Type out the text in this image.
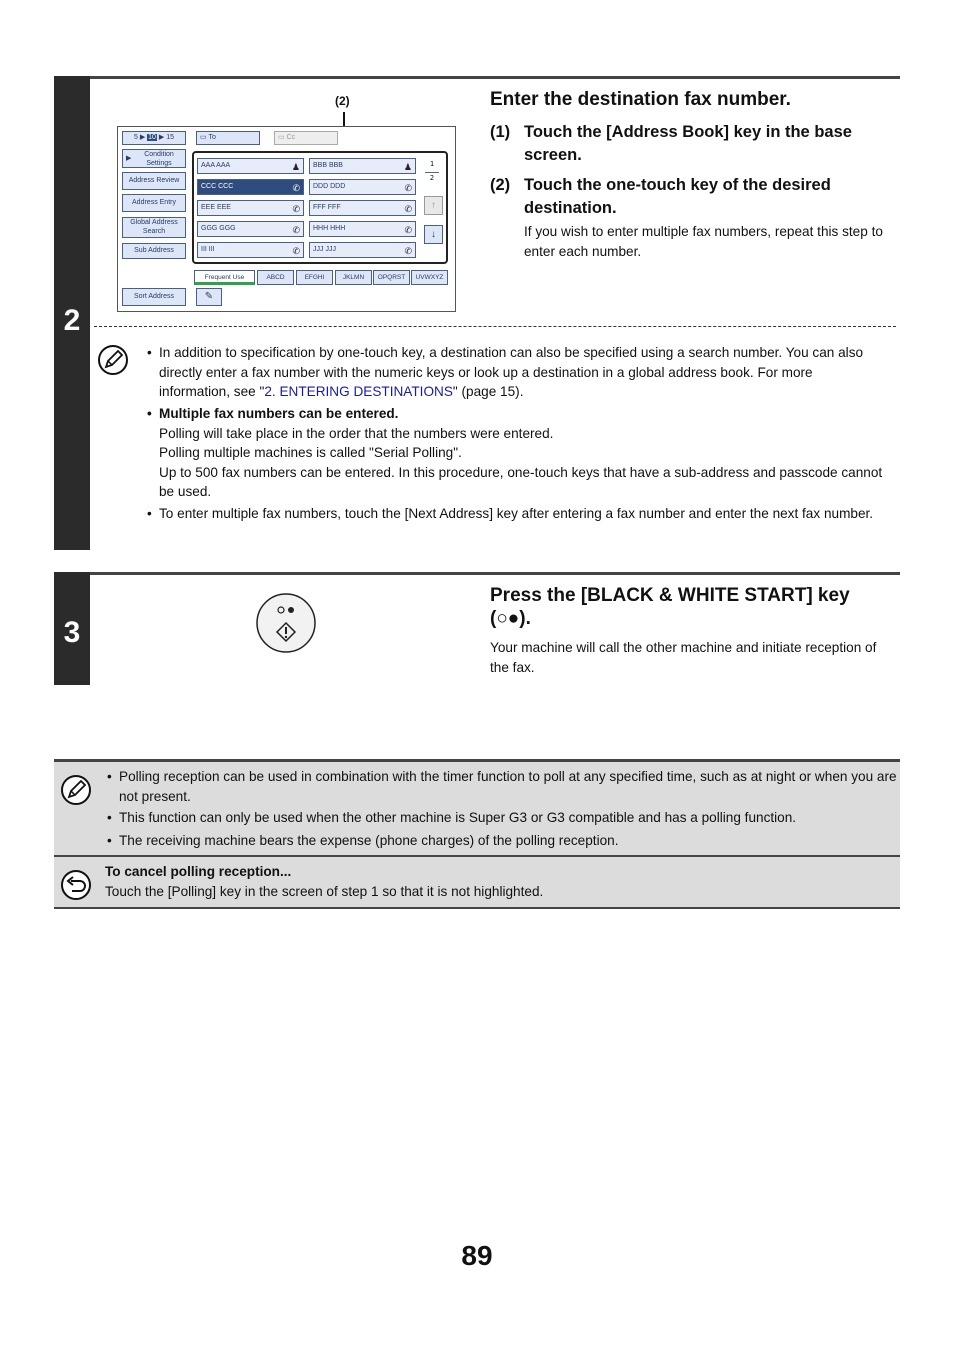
2
Enter the destination fax number.
(1) Touch the [Address Book] key in the base screen.
(2) Touch the one-touch key of the desired destination.
If you wish to enter multiple fax numbers, repeat this step to enter each number.
(2)
5 ▶ 10 ▶ 15	▭ To	▭ Cc
▶
Condition Settings
Address Review
Address Entry
Global Address Search
Sub Address
Sort Address	✎
AAA AAA	♟	BBB BBB	♟
CCC CCC	✆	DDD DDD	✆
EEE EEE	✆	FFF FFF	✆
GGG GGG	✆	HHH HHH	✆
III III	✆	JJJ JJJ	✆
1
2
↑
↓
Frequent Use	ABCD	EFGHI	JKLMN	OPQRST	UVWXYZ
• In addition to specification by one-touch key, a destination can also be specified using a search number. You can also directly enter a fax number with the numeric keys or look up a destination in a global address book. For more information, see "2. ENTERING DESTINATIONS" (page 15).
• Multiple fax numbers can be entered.
Polling will take place in the order that the numbers were entered.
Polling multiple machines is called "Serial Polling".
Up to 500 fax numbers can be entered. In this procedure, one-touch keys that have a sub-address and passcode cannot be used.
• To enter multiple fax numbers, touch the [Next Address] key after entering a fax number and enter the next fax number.
3
Press the [BLACK & WHITE START] key
(○●).
Your machine will call the other machine and initiate reception of the fax.
• Polling reception can be used in combination with the timer function to poll at any specified time, such as at night or when you are not present.
• This function can only be used when the other machine is Super G3 or G3 compatible and has a polling function.
• The receiving machine bears the expense (phone charges) of the polling reception.
To cancel polling reception...
Touch the [Polling] key in the screen of step 1 so that it is not highlighted.
89
